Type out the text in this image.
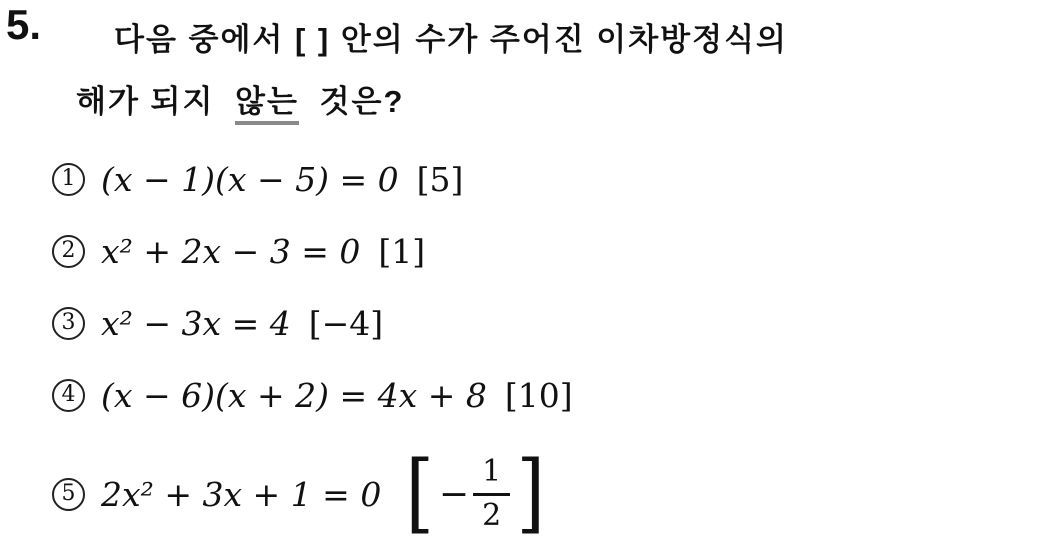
5. 다음 중에서 [ ] 안의 수가 주어진 이차방정식의
해가 되지 않는 것은?
1 (x − 1)(x − 5) = 0 [5]
2 x² + 2x − 3 = 0 [1]
3 x² − 3x = 4 [−4]
4 (x − 6)(x + 2) = 4x + 8 [10]
5 2x² + 3x + 1 = 0 [ − $\frac{1}{2}$ ]
